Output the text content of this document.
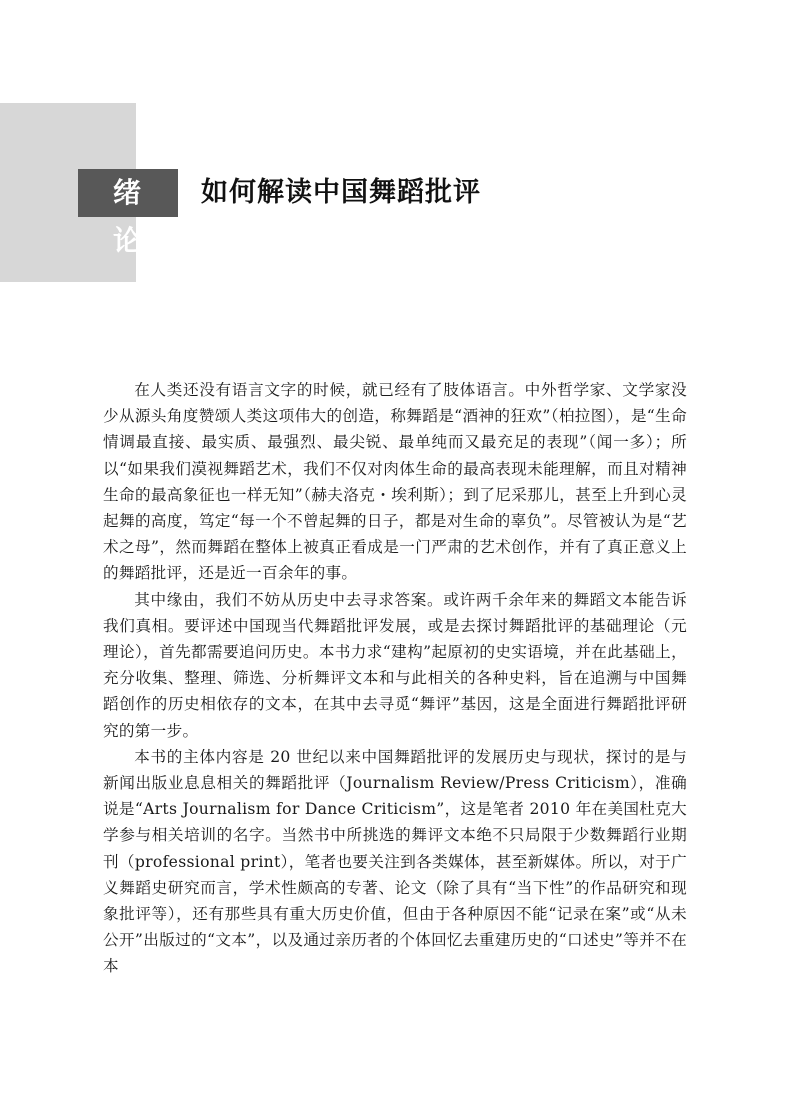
绪　论
如何解读中国舞蹈批评

在人类还没有语言文字的时候，就已经有了肢体语言。中外哲学家、文学家没少从源头角度赞颂人类这项伟大的创造，称舞蹈是“酒神的狂欢”（柏拉图），是“生命情调最直接、最实质、最强烈、最尖锐、最单纯而又最充足的表现”（闻一多）；所以“如果我们漠视舞蹈艺术，我们不仅对肉体生命的最高表现未能理解，而且对精神生命的最高象征也一样无知”（赫夫洛克・埃利斯）；到了尼采那儿，甚至上升到心灵起舞的高度，笃定“每一个不曾起舞的日子，都是对生命的辜负”。尽管被认为是“艺术之母”，然而舞蹈在整体上被真正看成是一门严肃的艺术创作，并有了真正意义上的舞蹈批评，还是近一百余年的事。

其中缘由，我们不妨从历史中去寻求答案。或许两千余年来的舞蹈文本能告诉我们真相。要评述中国现当代舞蹈批评发展，或是去探讨舞蹈批评的基础理论（元理论），首先都需要追问历史。本书力求“建构”起原初的史实语境，并在此基础上，充分收集、整理、筛选、分析舞评文本和与此相关的各种史料，旨在追溯与中国舞蹈创作的历史相依存的文本，在其中去寻觅“舞评”基因，这是全面进行舞蹈批评研究的第一步。

本书的主体内容是 20 世纪以来中国舞蹈批评的发展历史与现状，探讨的是与新闻出版业息息相关的舞蹈批评（Journalism Review/Press Criticism），准确说是“Arts Journalism for Dance Criticism”，这是笔者 2010 年在美国杜克大学参与相关培训的名字。当然书中所挑选的舞评文本绝不只局限于少数舞蹈行业期刊（professional print），笔者也要关注到各类媒体，甚至新媒体。所以，对于广义舞蹈史研究而言，学术性颇高的专著、论文（除了具有“当下性”的作品研究和现象批评等），还有那些具有重大历史价值，但由于各种原因不能“记录在案”或“从未公开”出版过的“文本”，以及通过亲历者的个体回忆去重建历史的“口述史”等并不在本
